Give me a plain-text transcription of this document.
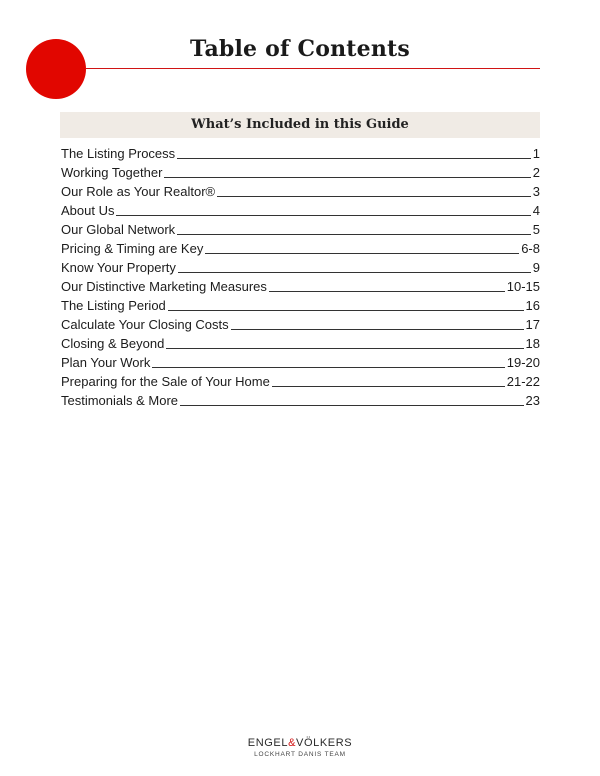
Table of Contents
What’s Included in this Guide
The Listing Process	1
Working Together	2
Our Role as Your Realtor®	3
About Us	4
Our Global Network	5
Pricing & Timing are Key	6-8
Know Your Property	9
Our Distinctive Marketing Measures	10-15
The Listing Period	16
Calculate Your Closing Costs	17
Closing & Beyond	18
Plan Your Work	19-20
Preparing for the Sale of Your Home	21-22
Testimonials & More	23
ENGEL&VÖLKERS
LOCKHART DANIS TEAM
